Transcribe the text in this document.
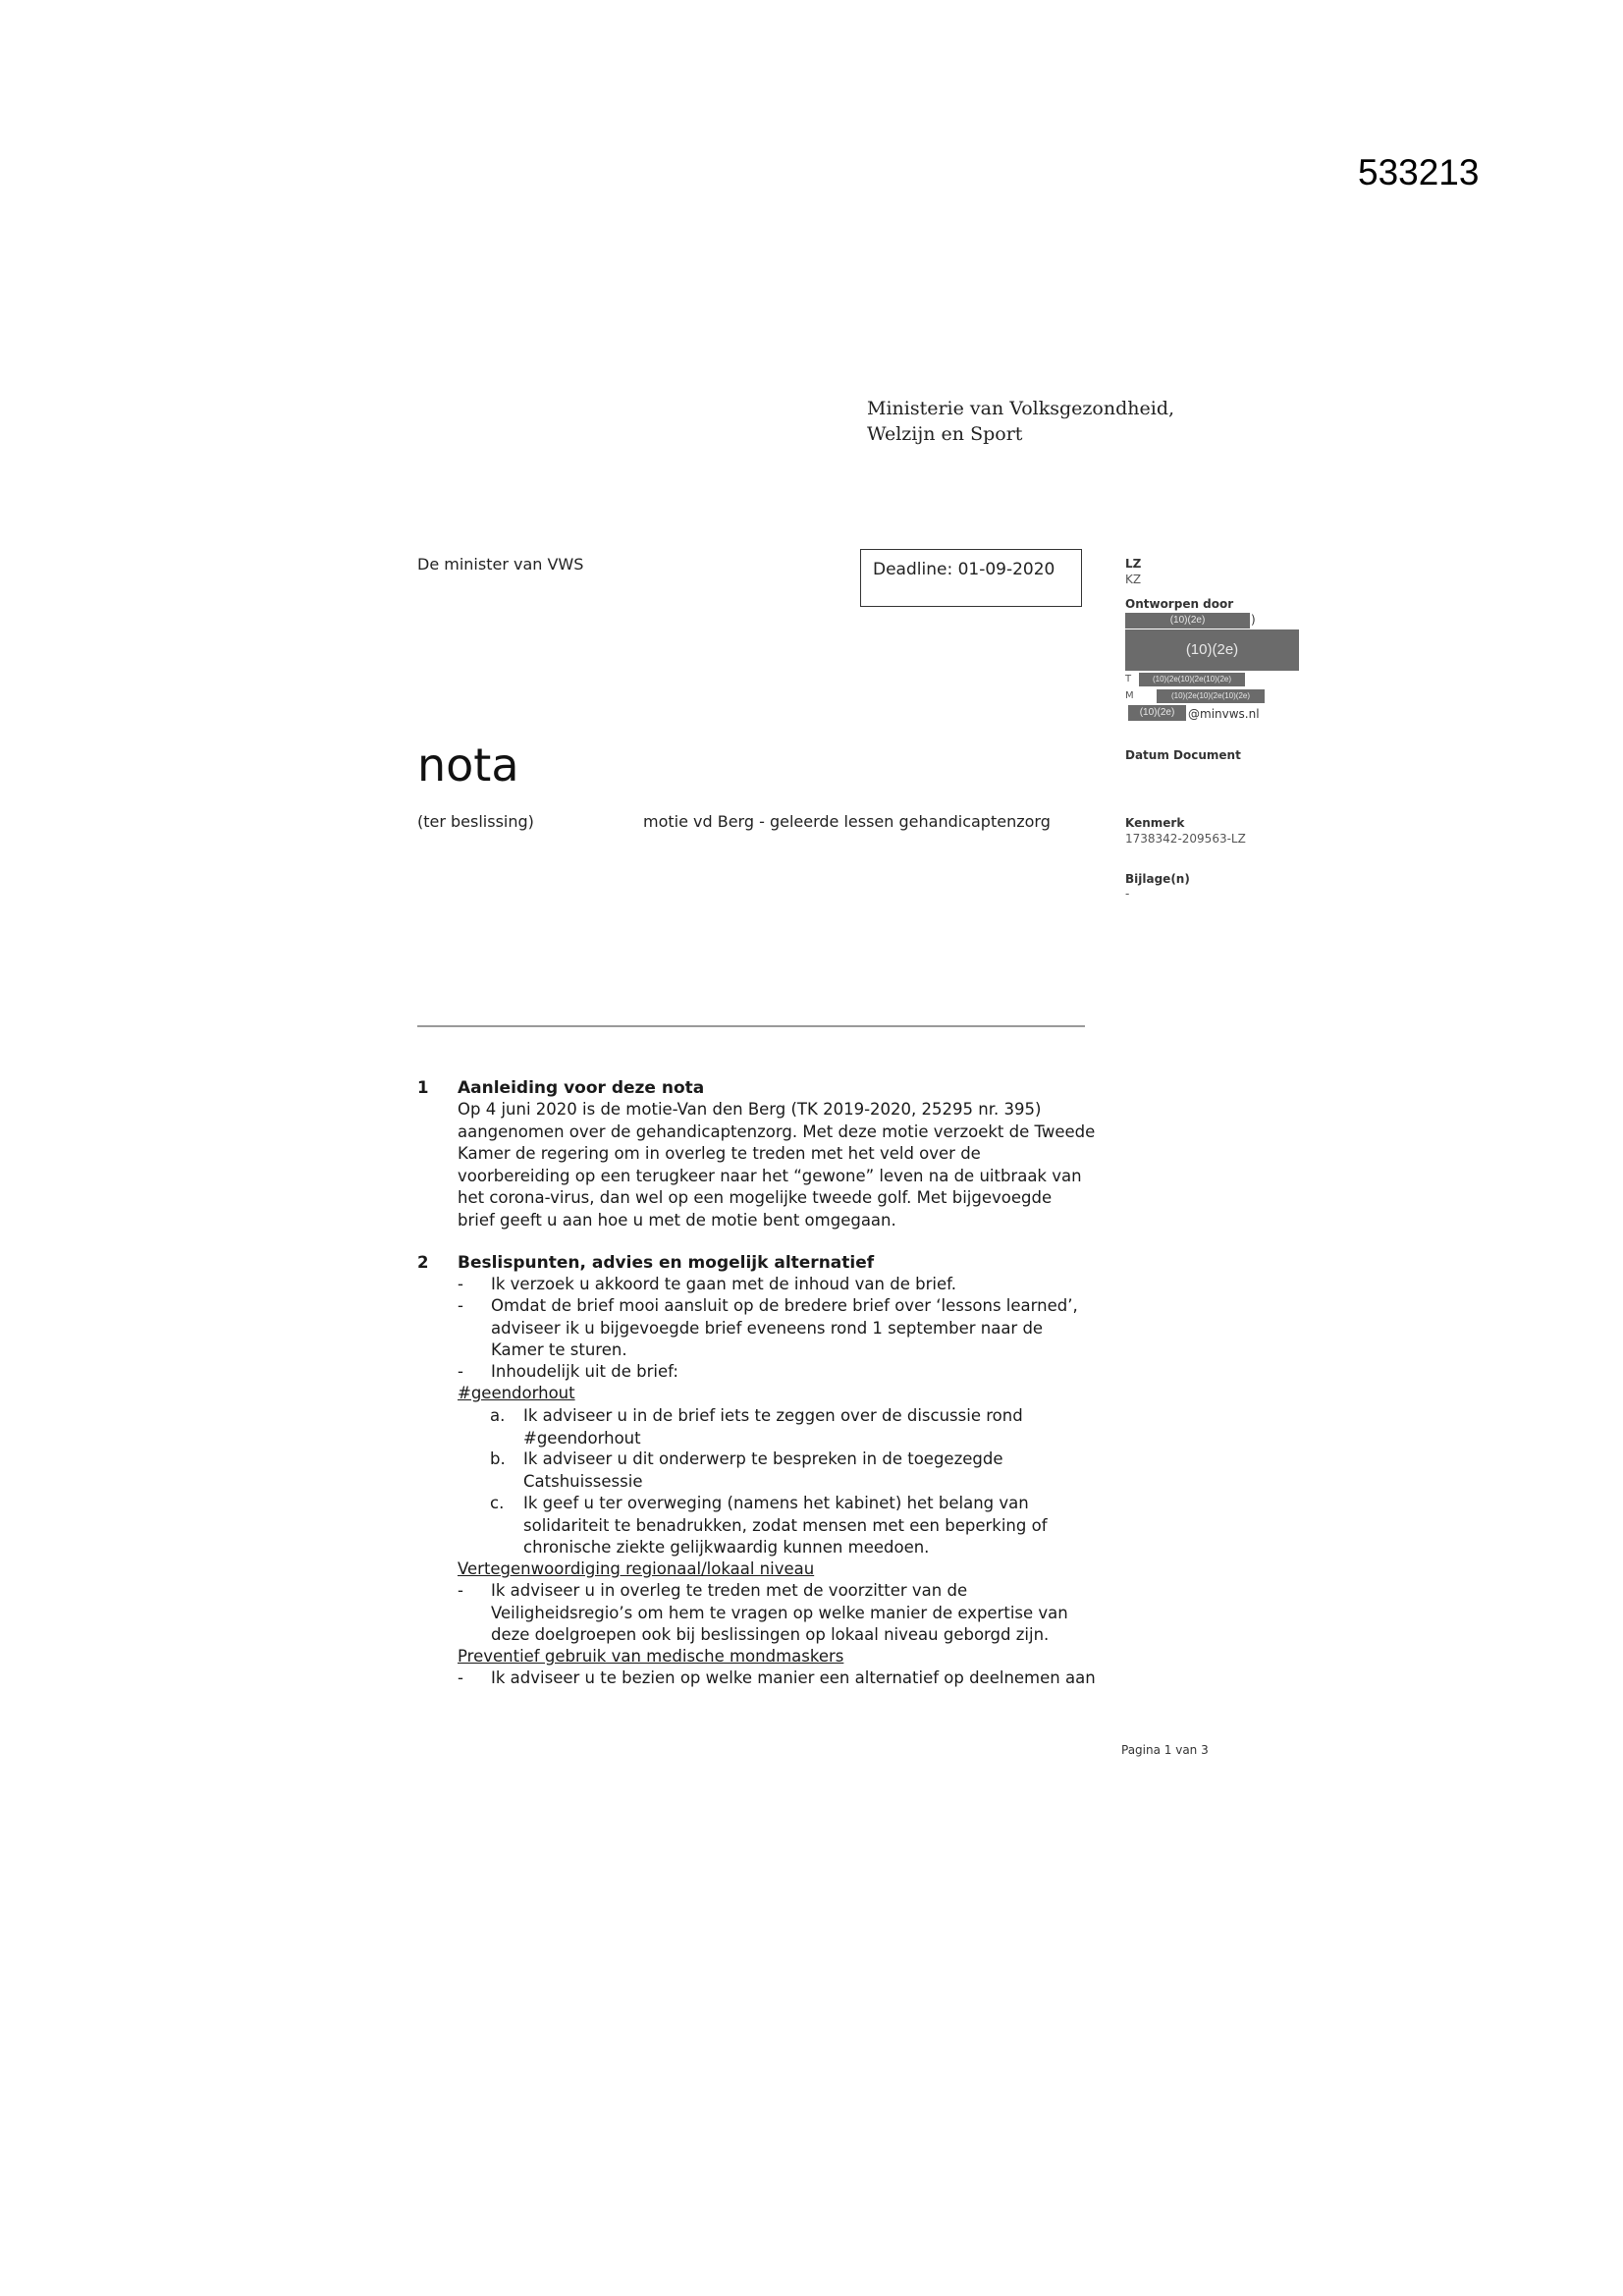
533213
Ministerie van Volksgezondheid,
Welzijn en Sport
De minister van VWS	Deadline: 01-09-2020	LZ
KZ
Ontworpen door
(10)(2e)	)
(10)(2e)
T	(10)(2e(10)(2e(10)(2e)
M	(10)(2e(10)(2e(10)(2e)
(10)(2e)	@minvws.nl
Datum Document
Kenmerk
1738342-209563-LZ
Bijlage(n)
-
nota
(ter beslissing)	motie vd Berg - geleerde lessen gehandicaptenzorg
1 Aanleiding voor deze nota
Op 4 juni 2020 is de motie-Van den Berg (TK 2019-2020, 25295 nr. 395)
aangenomen over de gehandicaptenzorg. Met deze motie verzoekt de Tweede
Kamer de regering om in overleg te treden met het veld over de
voorbereiding op een terugkeer naar het “gewone” leven na de uitbraak van
het corona-virus, dan wel op een mogelijke tweede golf. Met bijgevoegde
brief geeft u aan hoe u met de motie bent omgegaan.
2 Beslispunten, advies en mogelijk alternatief
- Ik verzoek u akkoord te gaan met de inhoud van de brief.
- Omdat de brief mooi aansluit op de bredere brief over ‘lessons learned’,
adviseer ik u bijgevoegde brief eveneens rond 1 september naar de
Kamer te sturen.
- Inhoudelijk uit de brief:
#geendorhout
a. Ik adviseer u in de brief iets te zeggen over de discussie rond
#geendorhout
b. Ik adviseer u dit onderwerp te bespreken in de toegezegde
Catshuissessie
c. Ik geef u ter overweging (namens het kabinet) het belang van
solidariteit te benadrukken, zodat mensen met een beperking of
chronische ziekte gelijkwaardig kunnen meedoen.
Vertegenwoordiging regionaal/lokaal niveau
- Ik adviseer u in overleg te treden met de voorzitter van de
Veiligheidsregio’s om hem te vragen op welke manier de expertise van
deze doelgroepen ook bij beslissingen op lokaal niveau geborgd zijn.
Preventief gebruik van medische mondmaskers
- Ik adviseer u te bezien op welke manier een alternatief op deelnemen aan
Pagina 1 van 3
